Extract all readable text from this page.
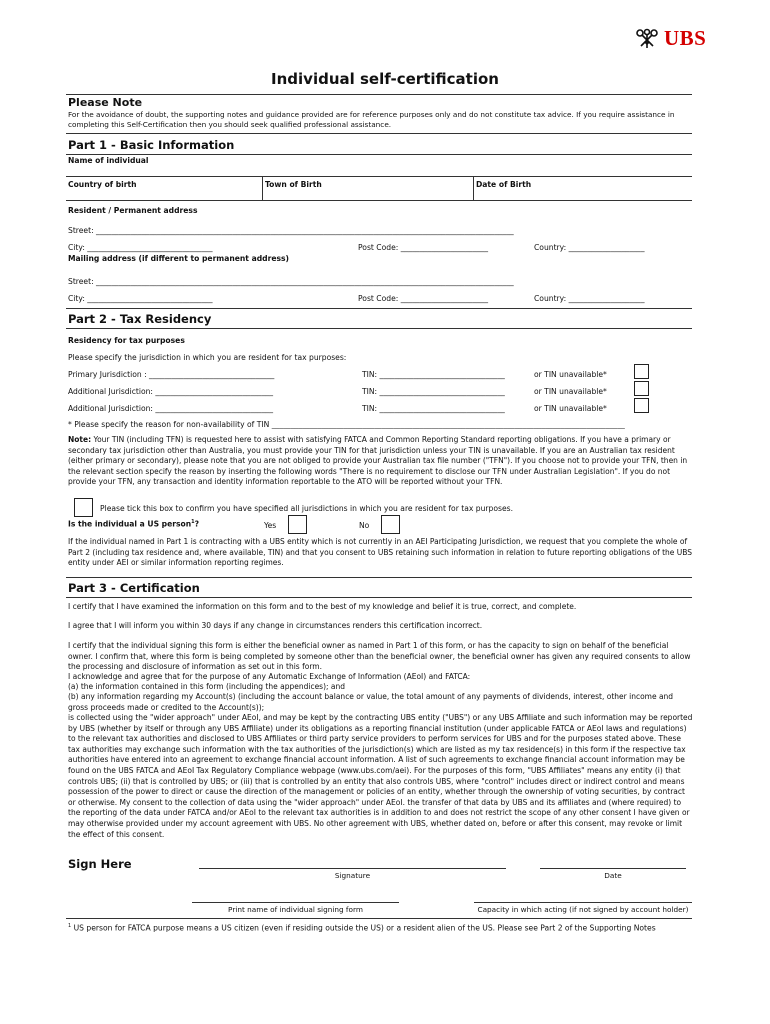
UBS
Individual self-certification
Please Note
For the avoidance of doubt, the supporting notes and guidance provided are for reference purposes only and do not constitute tax advice. If you require assistance in completing this Self-Certification then you should seek qualified professional assistance.
Part 1 - Basic Information
Name of individual
Country of birth	Town of Birth	Date of Birth
Resident / Permanent address
Street: ______________________________________________________________________________________________________________
City: _________________________________	Post Code: _______________________	Country: ____________________
Mailing address (if different to permanent address)
Street: ______________________________________________________________________________________________________________
City: _________________________________	Post Code: _______________________	Country: ____________________
Part 2 - Tax Residency
Residency for tax purposes
Please specify the jurisdiction in which you are resident for tax purposes:
Primary Jurisdiction : _________________________________	TIN: _________________________________	or TIN unavailable*
Additional Jurisdiction: _______________________________	TIN: _________________________________	or TIN unavailable*
Additional Jurisdiction: _______________________________	TIN: _________________________________	or TIN unavailable*
* Please specify the reason for non-availability of TIN _____________________________________________________________________________________________
Note: Your TIN (including TFN) is requested here to assist with satisfying FATCA and Common Reporting Standard reporting obligations. If you have a primary or secondary tax jurisdiction other than Australia, you must provide your TIN for that jurisdiction unless your TIN is unavailable. If you are an Australian tax resident (either primary or secondary), please note that you are not obliged to provide your Australian tax file number ("TFN"). If you choose not to provide your TFN, then in the relevant section specify the reason by inserting the following words "There is no requirement to disclose our TFN under Australian Legislation". If you do not provide your TFN, any transaction and identity information reportable to the ATO will be reported without your TFN.
Please tick this box to confirm you have specified all jurisdictions in which you are resident for tax purposes.
Is the individual a US person$^1$?	Yes	No
If the individual named in Part 1 is contracting with a UBS entity which is not currently in an AEI Participating Jurisdiction, we request that you complete the whole of Part 2 (including tax residence and, where available, TIN) and that you consent to UBS retaining such information in relation to future reporting obligations of the UBS entity under AEI or similar information reporting regimes.
Part 3 - Certification
I certify that I have examined the information on this form and to the best of my knowledge and belief it is true, correct, and complete.
I agree that I will inform you within 30 days if any change in circumstances renders this certification incorrect.
I certify that the individual signing this form is either the beneficial owner as named in Part 1 of this form, or has the capacity to sign on behalf of the beneficial owner. I confirm that, where this form is being completed by someone other than the beneficial owner, the beneficial owner has given any required consents to allow the processing and disclosure of information as set out in this form.
I acknowledge and agree that for the purpose of any Automatic Exchange of Information (AEoI) and FATCA:
(a) the information contained in this form (including the appendices); and
(b) any information regarding my Account(s) (including the account balance or value, the total amount of any payments of dividends, interest, other income and gross proceeds made or credited to the Account(s));
is collected using the "wider approach" under AEoI, and may be kept by the contracting UBS entity ("UBS") or any UBS Affiliate and such information may be reported by UBS (whether by itself or through any UBS Affiliate) under its obligations as a reporting financial institution (under applicable FATCA or AEoI laws and regulations) to the relevant tax authorities and disclosed to UBS Affiliates or third party service providers to perform services for UBS and for the purposes stated above. These tax authorities may exchange such information with the tax authorities of the jurisdiction(s) which are listed as my tax residence(s) in this form if the respective tax authorities have entered into an agreement to exchange financial account information. A list of such agreements to exchange financial account information may be found on the UBS FATCA and AEoI Tax Regulatory Compliance webpage (www.ubs.com/aei). For the purposes of this form, "UBS Affiliates" means any entity (i) that controls UBS; (ii) that is controlled by UBS; or (iii) that is controlled by an entity that also controls UBS, where "control" includes direct or indirect control and means possession of the power to direct or cause the direction of the management or policies of an entity, whether through the ownership of voting securities, by contract or otherwise. My consent to the collection of data using the "wider approach" under AEoI. the transfer of that data by UBS and its affiliates and (where required) to the reporting of the data under FATCA and/or AEoI to the relevant tax authorities is in addition to and does not restrict the scope of any other consent I have given or may otherwise provided under my account agreement with UBS. No other agreement with UBS, whether dated on, before or after this consent, may revoke or limit the effect of this consent.
Sign Here
Signature	Date
Print name of individual signing form	Capacity in which acting (if not signed by account holder)
$^1$ US person for FATCA purpose means a US citizen (even if residing outside the US) or a resident alien of the US. Please see Part 2 of the Supporting Notes
